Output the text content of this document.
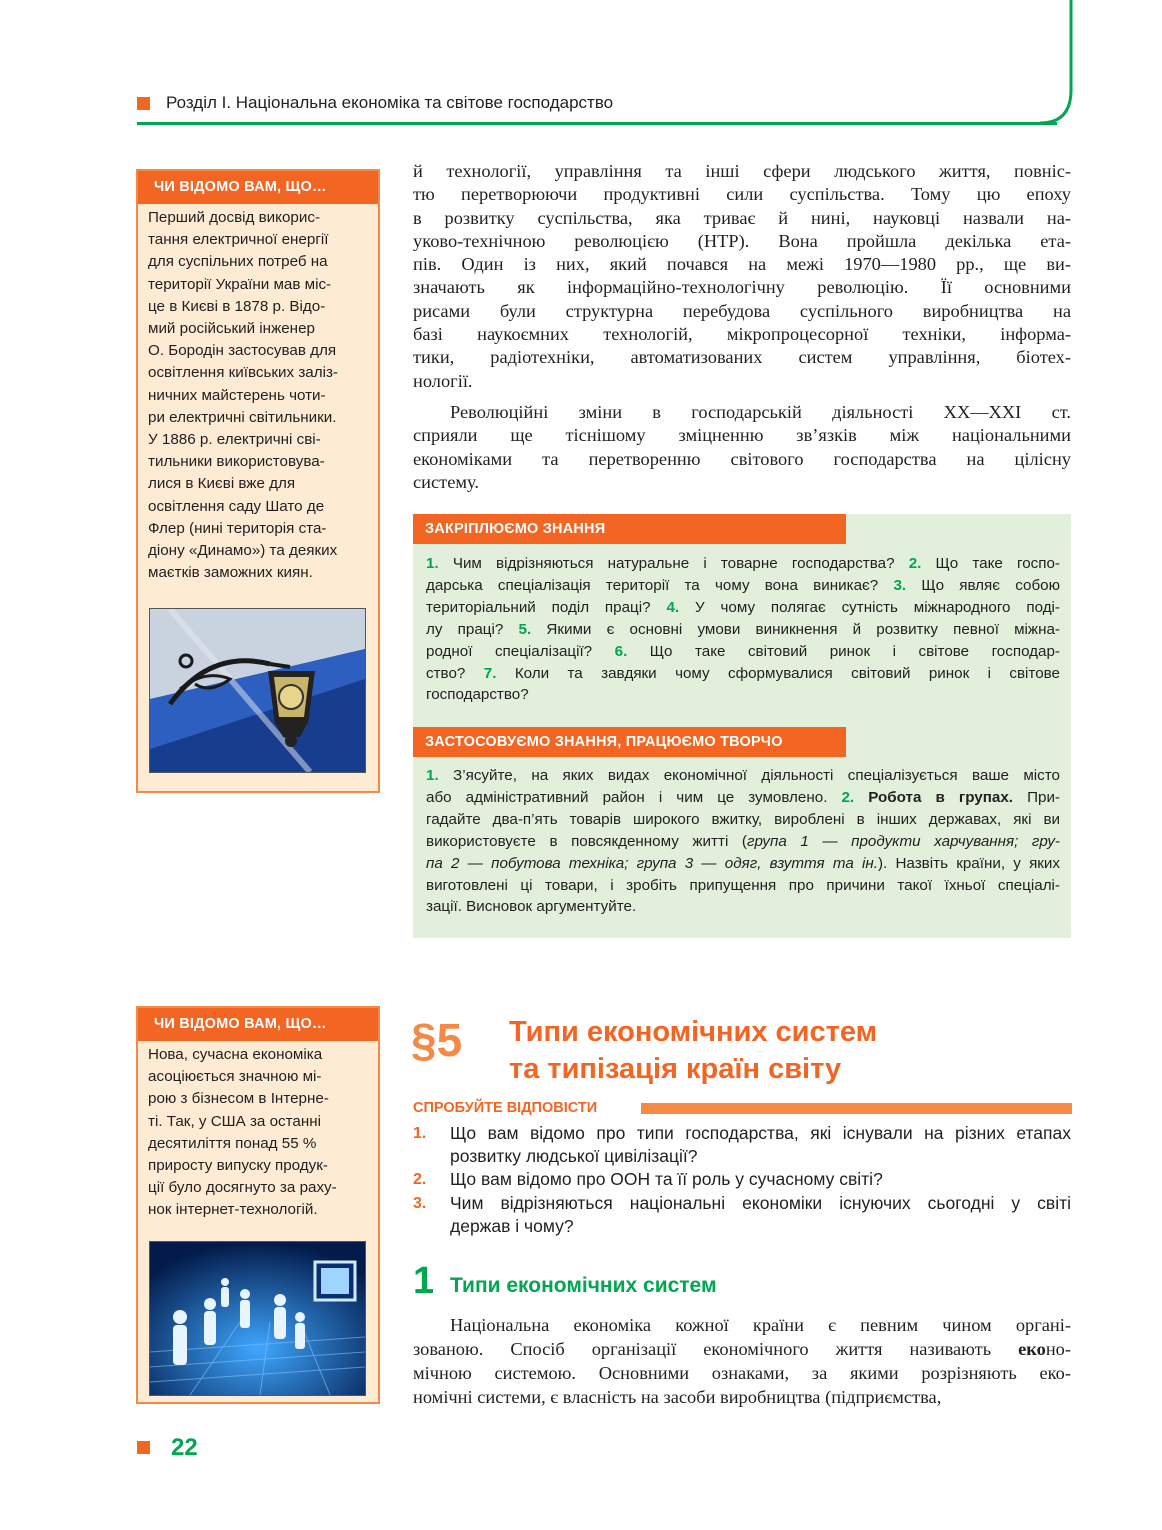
Розділ І. Національна економіка та світове господарство
ЧИ ВІДОМО ВАМ, ЩО…
Перший досвід викорис-
тання електричної енергії
для суспільних потреб на
території України мав міс-
це в Києві в 1878 р. Відо-
мий російський інженер
О. Бородін застосував для
освітлення київських заліз-
ничних майстерень чоти-
ри електричні світильники.
У 1886 р. електричні сві-
тильники використовува-
лися в Києві вже для
освітлення саду Шато де
Флер (нині територія ста-
діону «Динамо») та деяких
маєтків заможних киян.
й технології, управління та інші сфери людського життя, повніс-
тю перетворюючи продуктивні сили суспільства. Тому цю епоху
в розвитку суспільства, яка триває й нині, науковці назвали на-
уково-технічною революцією (НТР). Вона пройшла декілька ета-
пів. Один із них, який почався на межі 1970—1980 рр., ще ви-
значають як інформаційно-технологічну революцію. Її основними
рисами були структурна перебудова суспільного виробництва на
базі наукоємних технологій, мікропроцесорної техніки, інформа-
тики, радіотехніки, автоматизованих систем управління, біотех-
нології.
Революційні зміни в господарській діяльності XX—XXI ст.
сприяли ще тіснішому зміцненню зв’язків між національними
економіками та перетворенню світового господарства на цілісну
систему.
ЗАКРІПЛЮЄМО ЗНАННЯ
1. Чим відрізняються натуральне і товарне господарства? 2. Що таке госпо-
дарська спеціалізація території та чому вона виникає? 3. Що являє собою
територіальний поділ праці? 4. У чому полягає сутність міжнародного поді-
лу праці? 5. Якими є основні умови виникнення й розвитку певної міжна-
родної спеціалізації? 6. Що таке світовий ринок і світове господар-
ство? 7. Коли та завдяки чому сформувалися світовий ринок і світове
господарство?
ЗАСТОСОВУЄМО ЗНАННЯ, ПРАЦЮЄМО ТВОРЧО
1. З’ясуйте, на яких видах економічної діяльності спеціалізується ваше місто
або адміністративний район і чим це зумовлено. 2. Робота в групах. При-
гадайте два-п’ять товарів широкого вжитку, вироблені в інших державах, які ви
використовуєте в повсякденному житті (група 1 — продукти харчування; гру-
па 2 — побутова техніка; група 3 — одяг, взуття та ін.). Назвіть країни, у яких
виготовлені ці товари, і зробіть припущення про причини такої їхньої спеціалі-
зації. Висновок аргументуйте.
ЧИ ВІДОМО ВАМ, ЩО…
Нова, сучасна економіка
асоціюється значною мі-
рою з бізнесом в Інтерне-
ті. Так, у США за останні
десятиліття понад 55 %
приросту випуску продук-
ції було досягнуто за раху-
нок інтернет-технологій.
§5 Типи економічних систем
та типізація країн світу
СПРОБУЙТЕ ВІДПОВІСТИ
1. Що вам відомо про типи господарства, які існували на різних етапах
розвитку людської цивілізації?
2. Що вам відомо про ООН та її роль у сучасному світі?
3. Чим відрізняються національні економіки існуючих сьогодні у світі
держав і чому?
1 Типи економічних систем
Національна економіка кожної країни є певним чином органі-
зованою. Спосіб організації економічного життя називають еконо-
мічною системою. Основними ознаками, за якими розрізняють еко-
номічні системи, є власність на засоби виробництва (підприємства,
22
